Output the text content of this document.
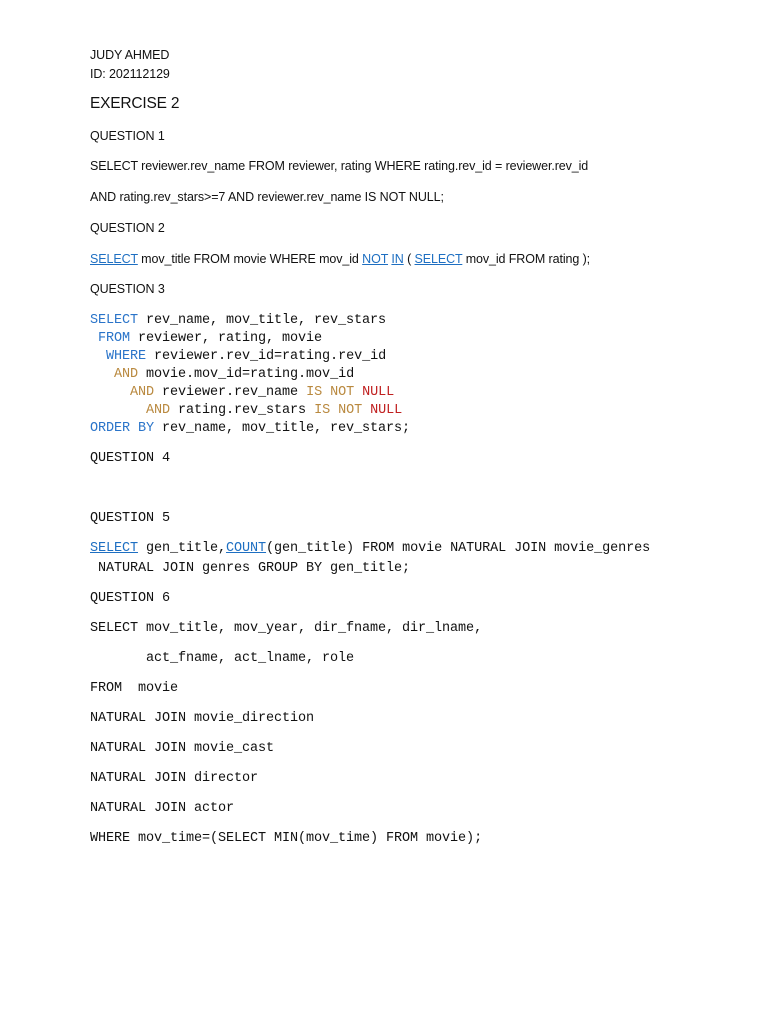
JUDY AHMED
ID: 202112129
EXERCISE 2
QUESTION 1
SELECT reviewer.rev_name FROM reviewer, rating WHERE rating.rev_id = reviewer.rev_id
AND rating.rev_stars>=7 AND reviewer.rev_name IS NOT NULL;
QUESTION 2
SELECT mov_title FROM movie WHERE mov_id NOT IN ( SELECT mov_id FROM rating );
QUESTION 3
SELECT rev_name, mov_title, rev_stars
FROM reviewer, rating, movie
WHERE reviewer.rev_id=rating.rev_id
AND movie.mov_id=rating.mov_id
AND reviewer.rev_name IS NOT NULL
AND rating.rev_stars IS NOT NULL
ORDER BY rev_name, mov_title, rev_stars;
QUESTION 4
QUESTION 5
SELECT gen_title,COUNT(gen_title) FROM movie NATURAL JOIN movie_genres
NATURAL JOIN genres GROUP BY gen_title;
QUESTION 6
SELECT mov_title, mov_year, dir_fname, dir_lname,
act_fname, act_lname, role
FROM  movie
NATURAL JOIN movie_direction
NATURAL JOIN movie_cast
NATURAL JOIN director
NATURAL JOIN actor
WHERE mov_time=(SELECT MIN(mov_time) FROM movie);
